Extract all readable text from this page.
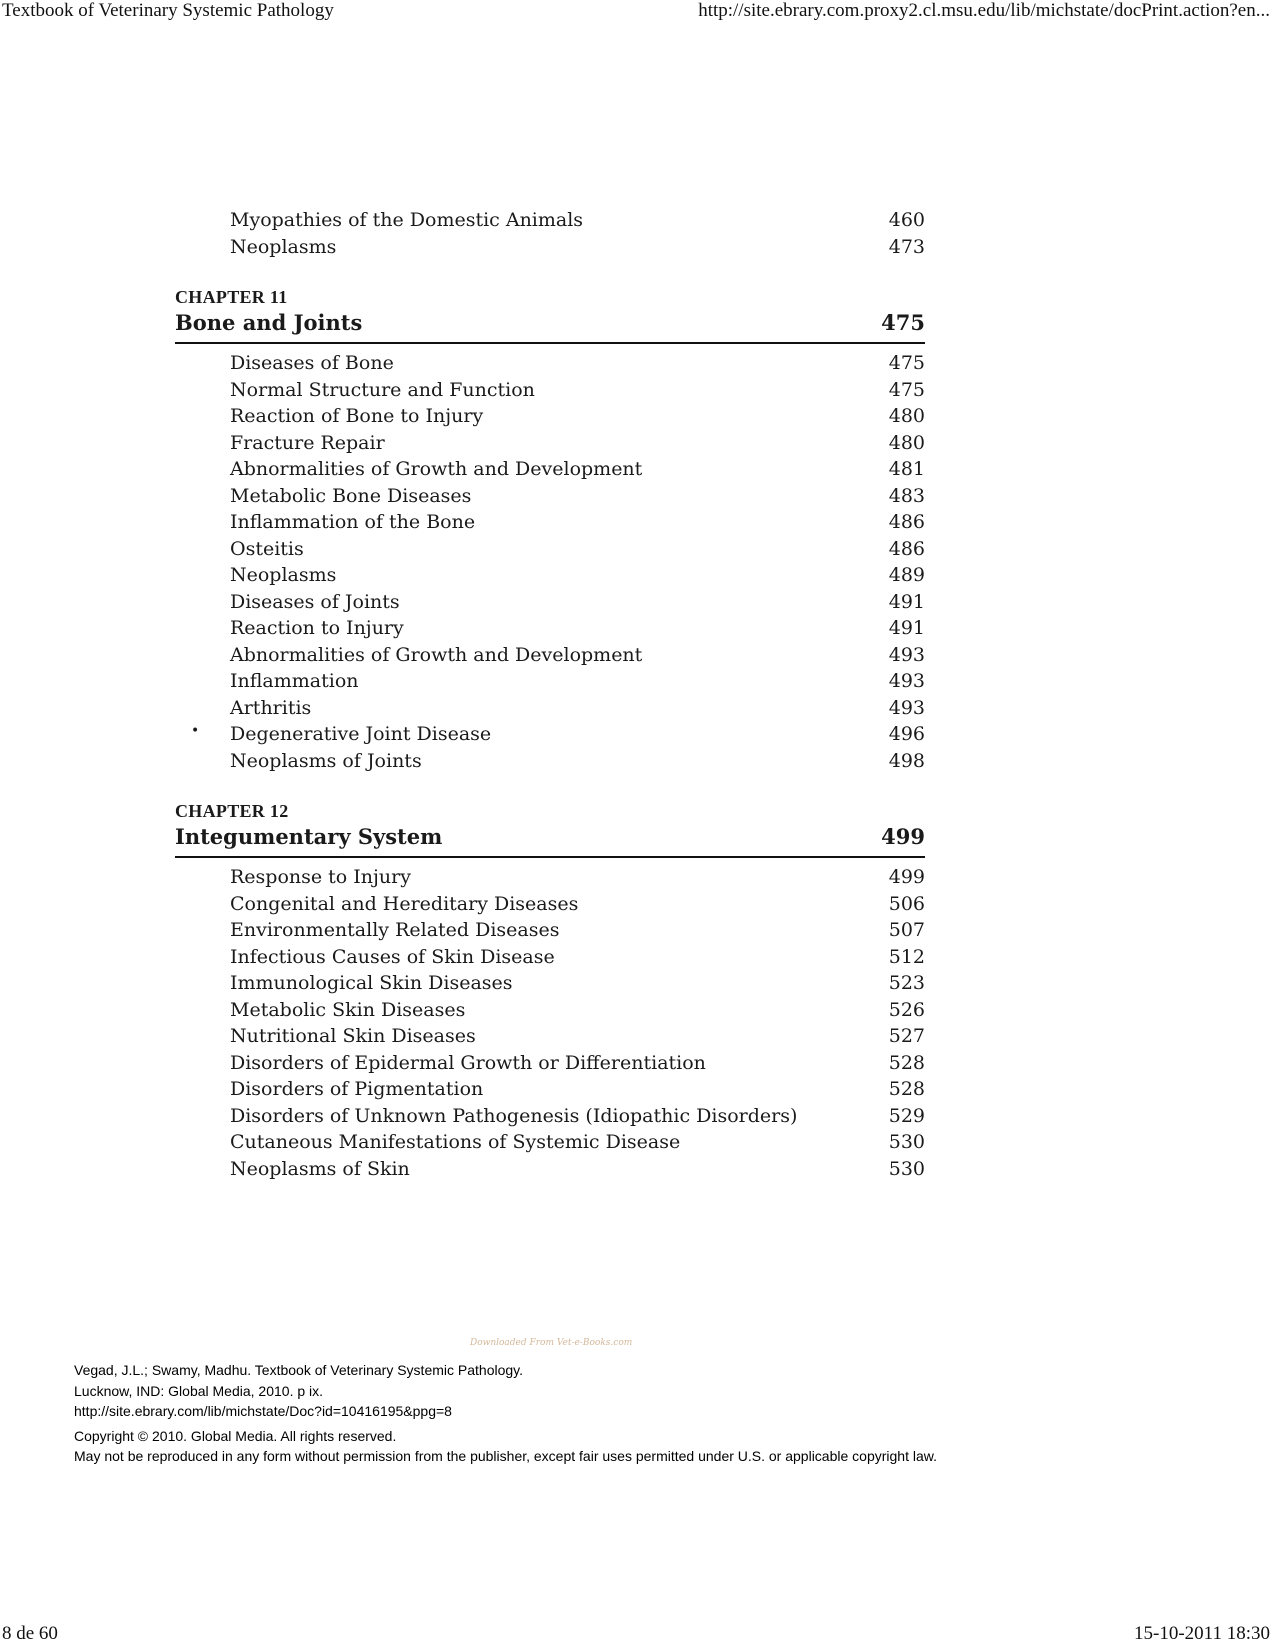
Textbook of Veterinary Systemic Pathology	http://site.ebrary.com.proxy2.cl.msu.edu/lib/michstate/docPrint.action?en...
Myopathies of the Domestic Animals	460
Neoplasms	473
CHAPTER 11
Bone and Joints	475
Diseases of Bone	475
Normal Structure and Function	475
Reaction of Bone to Injury	480
Fracture Repair	480
Abnormalities of Growth and Development	481
Metabolic Bone Diseases	483
Inflammation of the Bone	486
Osteitis	486
Neoplasms	489
Diseases of Joints	491
Reaction to Injury	491
Abnormalities of Growth and Development	493
Inflammation	493
Arthritis	493
• Degenerative Joint Disease	496
Neoplasms of Joints	498
CHAPTER 12
Integumentary System	499
Response to Injury	499
Congenital and Hereditary Diseases	506
Environmentally Related Diseases	507
Infectious Causes of Skin Disease	512
Immunological Skin Diseases	523
Metabolic Skin Diseases	526
Nutritional Skin Diseases	527
Disorders of Epidermal Growth or Differentiation	528
Disorders of Pigmentation	528
Disorders of Unknown Pathogenesis (Idiopathic Disorders)	529
Cutaneous Manifestations of Systemic Disease	530
Neoplasms of Skin	530
Downloaded From Vet-e-Books.com
Vegad, J.L.; Swamy, Madhu. Textbook of Veterinary Systemic Pathology.
Lucknow, IND: Global Media, 2010. p ix.
http://site.ebrary.com/lib/michstate/Doc?id=10416195&ppg=8
Copyright © 2010. Global Media. All rights reserved.
May not be reproduced in any form without permission from the publisher, except fair uses permitted under U.S. or applicable copyright law.
8 de 60	15-10-2011 18:30
